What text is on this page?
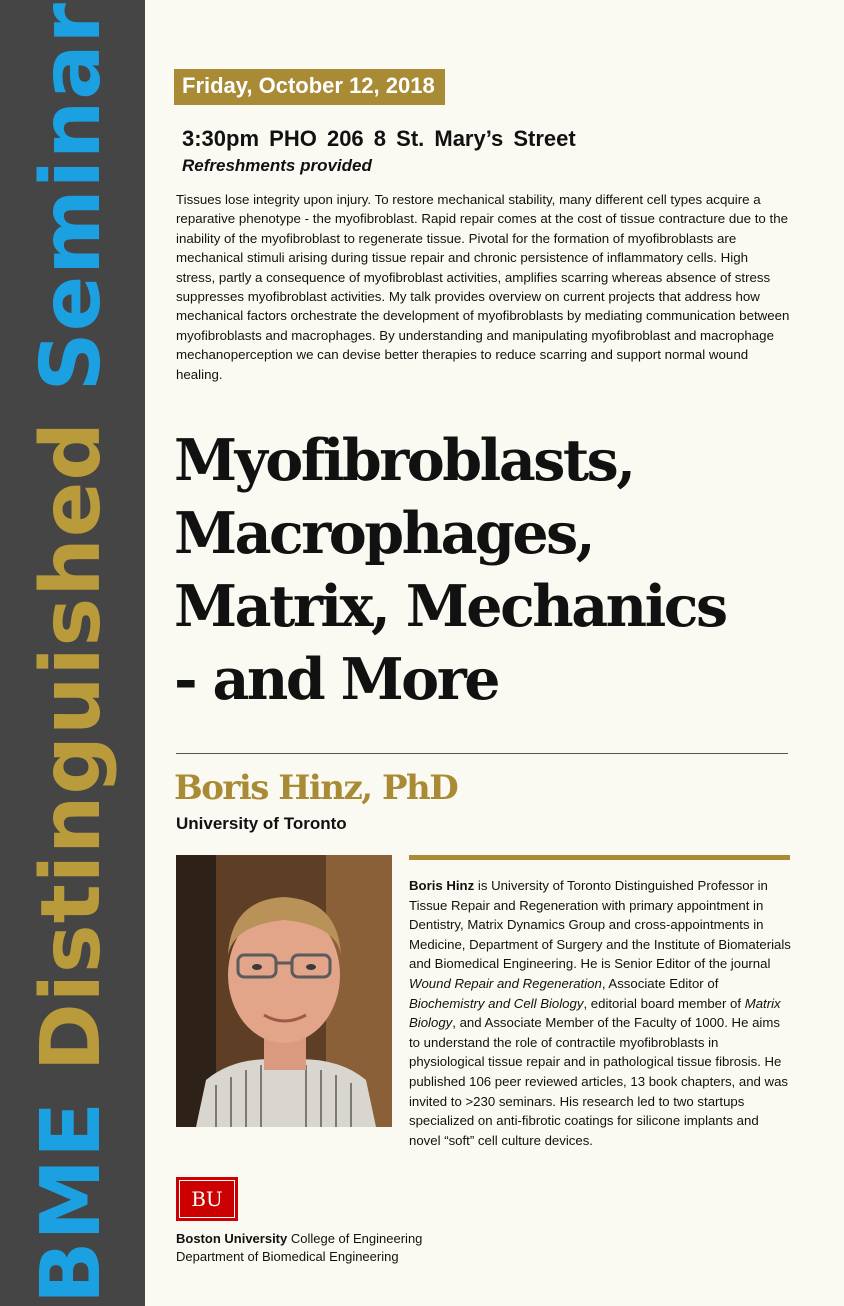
BME Distinguished Seminar	Friday, October 12, 2018
3:30pm PHO 206 8 St. Mary’s Street
Refreshments provided
Tissues lose integrity upon injury. To restore mechanical stability, many different cell types acquire a reparative phenotype - the myofibroblast. Rapid repair comes at the cost of tissue contracture due to the inability of the myofibroblast to regenerate tissue. Pivotal for the formation of myofibroblasts are mechanical stimuli arising during tissue repair and chronic persistence of inflammatory cells. High stress, partly a consequence of myofibroblast activities, amplifies scarring whereas absence of stress suppresses myofibroblast activities. My talk provides overview on current projects that address how mechanical factors orchestrate the development of myofibroblasts by mediating communication between myofibroblasts and macrophages. By understanding and manipulating myofibroblast and macrophage mechanoperception we can devise better therapies to reduce scarring and support normal wound healing.
Myofibroblasts,
Macrophages,
Matrix, Mechanics
- and More
Boris Hinz, PhD
University of Toronto
Boris Hinz is University of Toronto Distinguished Professor in Tissue Repair and Regeneration with primary appointment in Dentistry, Matrix Dynamics Group and cross-appointments in Medicine, Department of Surgery and the Institute of Biomaterials and Biomedical Engineering. He is Senior Editor of the journal Wound Repair and Regeneration, Associate Editor of Biochemistry and Cell Biology, editorial board member of Matrix Biology, and Associate Member of the Faculty of 1000. He aims to understand the role of contractile myofibroblasts in physiological tissue repair and in pathological tissue fibrosis. He published 106 peer reviewed articles, 13 book chapters, and was invited to >230 seminars. His research led to two startups specialized on anti-fibrotic coatings for silicone implants and novel “soft” cell culture devices.
BU
Boston University College of Engineering
Department of Biomedical Engineering
